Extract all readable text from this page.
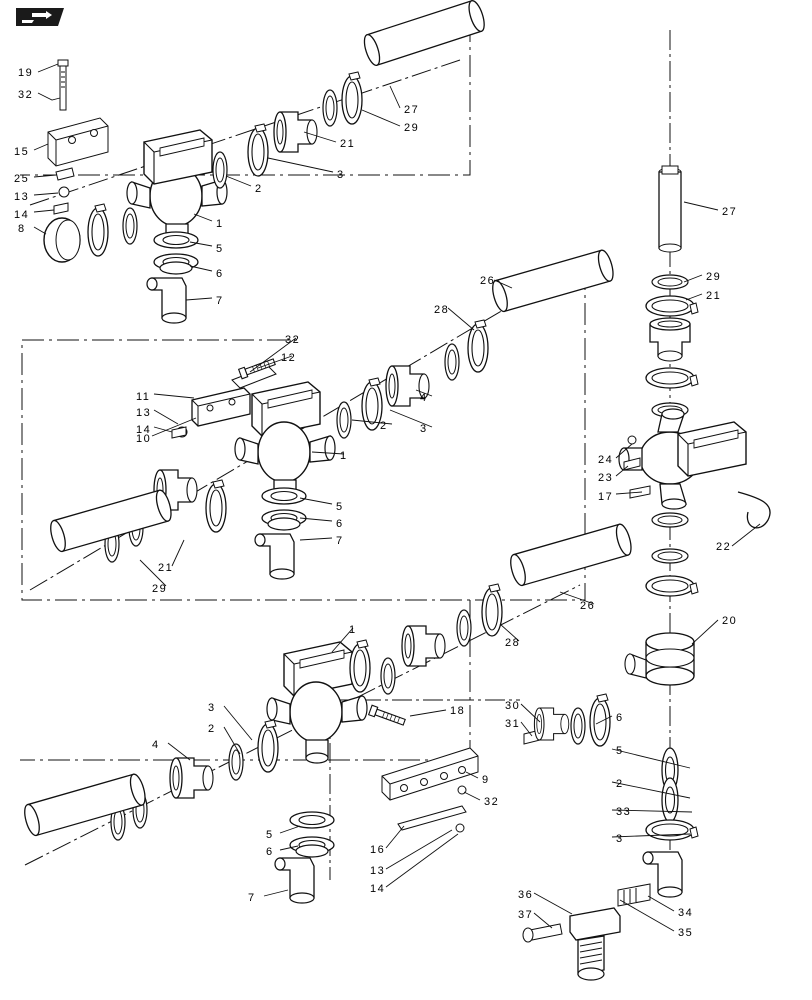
19
32
15
25
13
14
8
27
29
21
3
2
1
5
6
7
27
29
21
26
28
32
12
11
13
14
10
4
3
2
1
5
6
7
21
29
24
23
17
22
26
28
1
20
30
31	6
5
2
33
3
3
2
4
18
9
32
5
6	16
13
14
7	36
37	34
35
